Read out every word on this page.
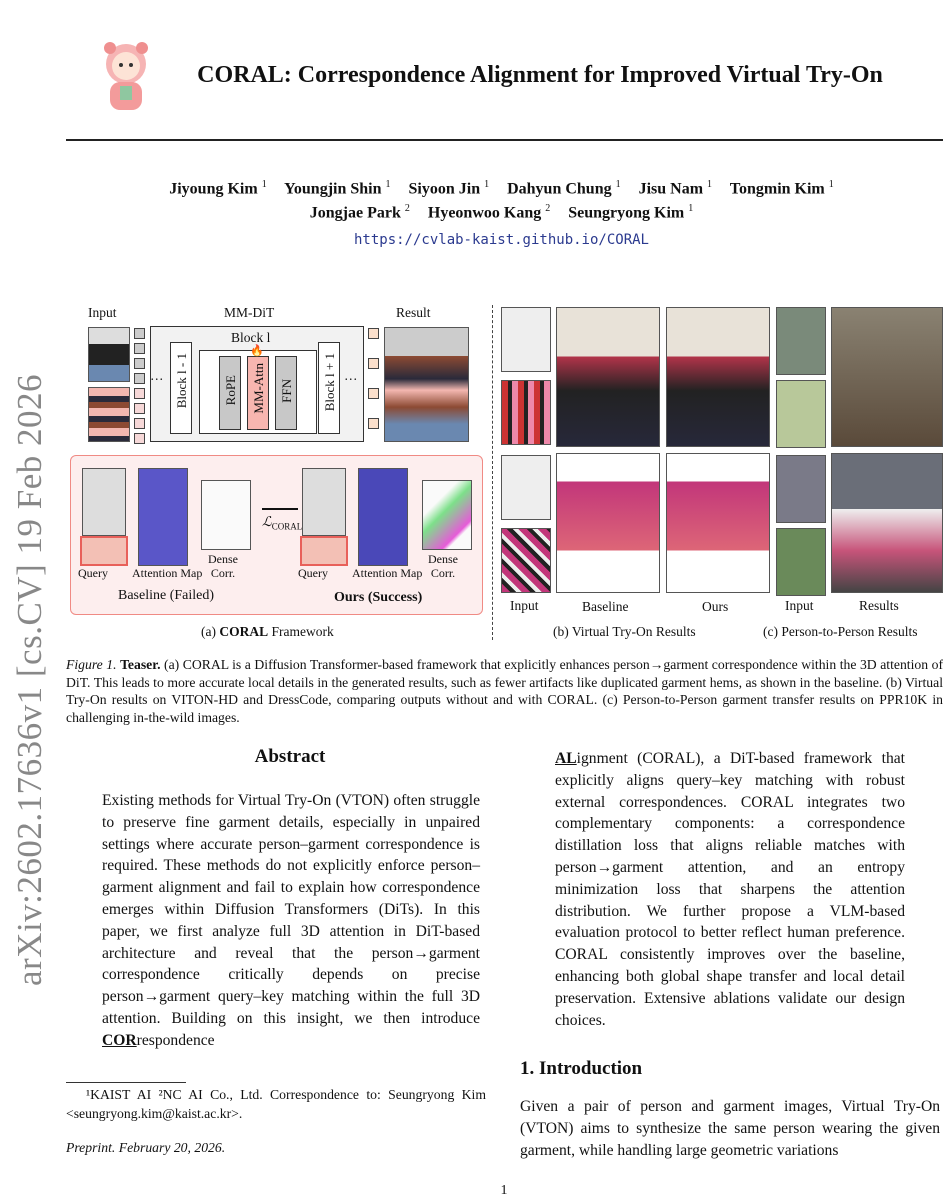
arXiv:2602.17636v1 [cs.CV] 19 Feb 2026
CORAL: Correspondence Alignment for Improved Virtual Try-On
Jiyoung Kim $^1$ Youngjin Shin $^1$ Siyoon Jin $^1$ Dahyun Chung $^1$ Jisu Nam $^1$ Tongmin Kim $^1$
Jongjae Park $^2$ Hyeonwoo Kang $^2$ Seungryong Kim $^1$
https://cvlab-kaist.github.io/CORAL
Input	MM-DiT	Result
Block l
··· Block l - 1	RoPE MM-Attn
🔥
FFN Block l + 1 ···
Query Attention Map
Dense
Corr.
ℒ$_{CORAL}$
Query Attention Map
Dense
Corr.
Baseline (Failed)	Ours (Success)
(a) CORAL Framework
Input	Baseline	Ours
(b) Virtual Try-On Results
Input	Results
(c) Person-to-Person Results
Figure 1. Teaser. (a) CORAL is a Diffusion Transformer-based framework that explicitly enhances person→garment correspondence within the 3D attention of DiT. This leads to more accurate local details in the generated results, such as fewer artifacts like duplicated garment hems, as shown in the baseline. (b) Virtual Try-On results on VITON-HD and DressCode, comparing outputs without and with CORAL. (c) Person-to-Person garment transfer results on PPR10K in challenging in-the-wild images.
Abstract

Existing methods for Virtual Try-On (VTON) often struggle to preserve fine garment details, especially in unpaired settings where accurate person–garment correspondence is required. These methods do not explicitly enforce person–garment alignment and fail to explain how correspondence emerges within Diffusion Transformers (DiTs). In this paper, we first analyze full 3D attention in DiT-based architecture and reveal that the person→garment correspondence critically depends on precise person→garment query–key matching within the full 3D attention. Building on this insight, we then introduce CORrespondence

¹KAIST AI ²NC AI Co., Ltd. Correspondence to: Seungryong Kim <seungryong.kim@kaist.ac.kr>.

Preprint. February 20, 2026.

ALignment (CORAL), a DiT-based framework that explicitly aligns query–key matching with robust external correspondences. CORAL integrates two complementary components: a correspondence distillation loss that aligns reliable matches with person→garment attention, and an entropy minimization loss that sharpens the attention distribution. We further propose a VLM-based evaluation protocol to better reflect human preference. CORAL consistently improves over the baseline, enhancing both global shape transfer and local detail preservation. Extensive ablations validate our design choices.

1. Introduction

Given a pair of person and garment images, Virtual Try-On (VTON) aims to synthesize the same person wearing the given garment, while handling large geometric variations

1
